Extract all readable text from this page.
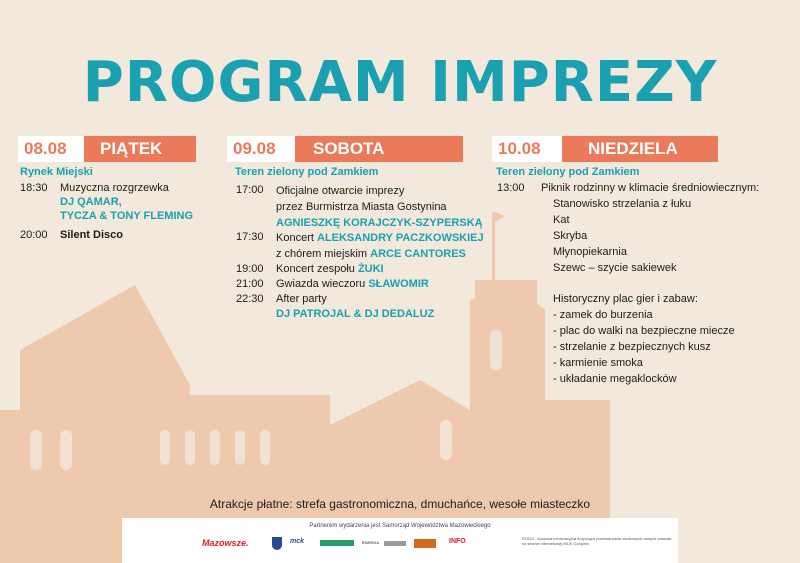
PROGRAM IMPREZY
08.08	PIĄTEK
Rynek Miejski
18:30 Muzyczna rozgrzewka
DJ QAMAR,
TYCZA & TONY FLEMING
20:00 Silent Disco
09.08	SOBOTA
Teren zielony pod Zamkiem
17:00 Oficjalne otwarcie imprezy
przez Burmistrza Miasta Gostynina
AGNIESZKĘ KORAJCZYK-SZYPERSKĄ
17:30 Koncert ALEKSANDRY PACZKOWSKIEJ
z chórem miejskim ARCE CANTORES
19:00 Koncert zespołu ŻUKI
21:00 Gwiazda wieczoru SŁAWOMIR
22:30 After party
DJ PATROJAL & DJ DEDALUZ
10.08	NIEDZIELA
Teren zielony pod Zamkiem
13:00 Piknik rodzinny w klimacie średniowiecznym:
Stanowisko strzelania z łuku
Kat
Skryba
Młynopiekarnia
Szewc – szycie sakiewek
Historyczny plac gier i zabaw:
- zamek do burzenia
- plac do walki na bezpieczne miecze
- strzelanie z bezpiecznych kusz
- karmienie smoka
- układanie megaklocków
Atrakcje płatne: strefa gastronomiczna, dmuchańce, wesołe miasteczko
Partnerem wydarzenia jest Samorząd Województwa Mazowieckiego
Mazowsze.	mck	ENERGA	INFO	RODO - klauzula informacyjna dotycząca przetwarzania osobowych danych zawarta na stronie internetowej MCK Gostynin
